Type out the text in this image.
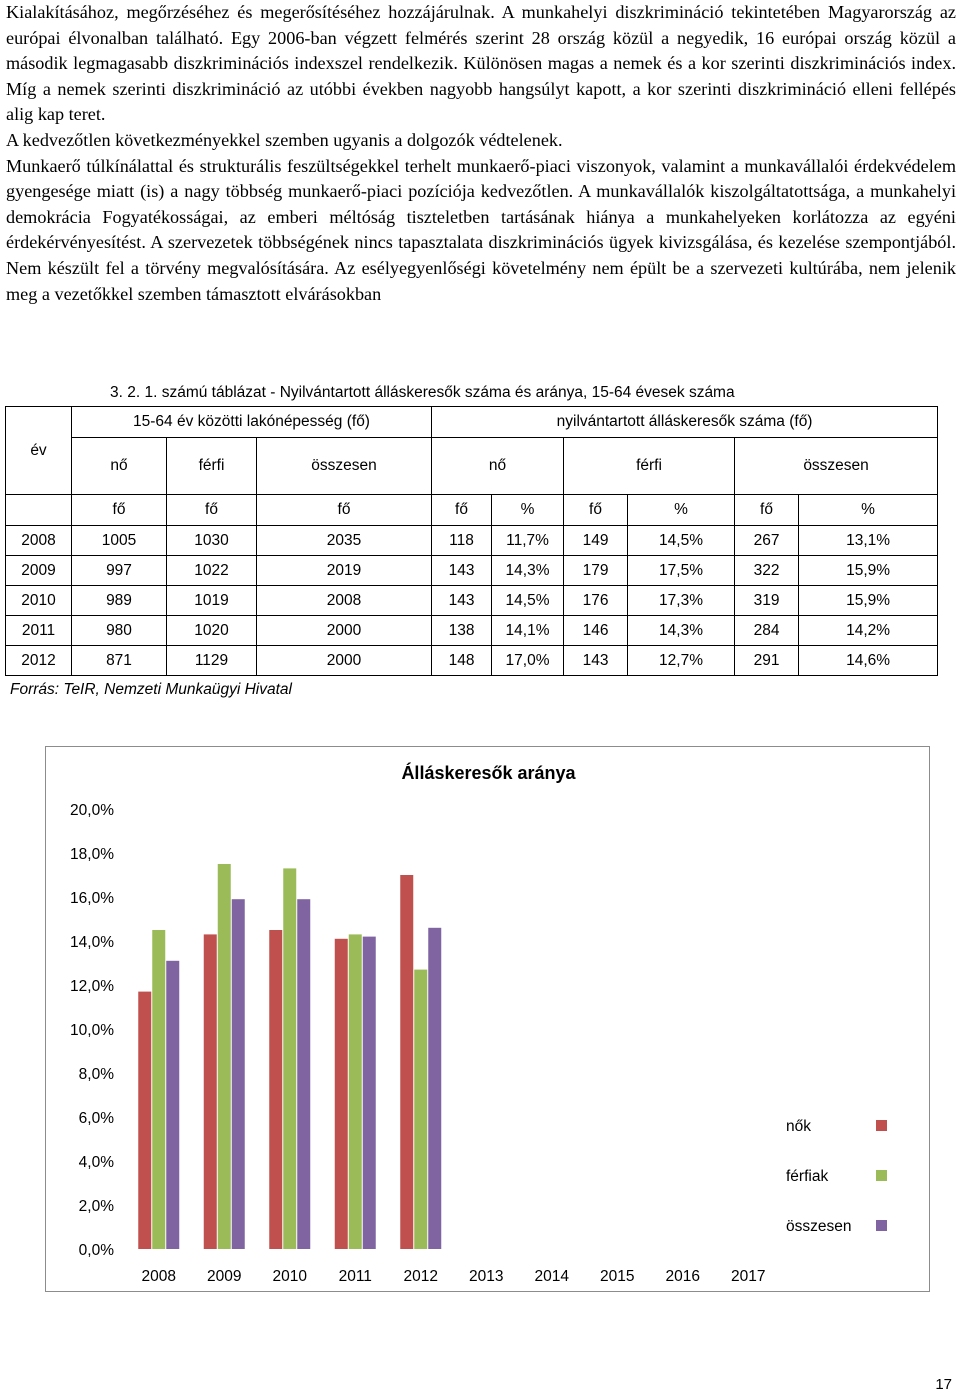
Kialakításához, megőrzéséhez és megerősítéséhez hozzájárulnak. A munkahelyi diszkrimináció tekintetében Magyarország az európai élvonalban található. Egy 2006-ban végzett felmérés szerint 28 ország közül a negyedik, 16 európai ország közül a második legmagasabb diszkriminációs indexszel rendelkezik. Különösen magas a nemek és a kor szerinti diszkriminációs index. Míg a nemek szerinti diszkrimináció az utóbbi években nagyobb hangsúlyt kapott, a kor szerinti diszkrimináció elleni fellépés alig kap teret.

A kedvezőtlen következményekkel szemben ugyanis a dolgozók védtelenek.

Munkaerő túlkínálattal és strukturális feszültségekkel terhelt munkaerő-piaci viszonyok, valamint a munkavállalói érdekvédelem gyengesége miatt (is) a nagy többség munkaerő-piaci pozíciója kedvezőtlen. A munkavállalók kiszolgáltatottsága, a munkahelyi demokrácia Fogyatékosságai, az emberi méltóság tiszteletben tartásának hiánya a munkahelyeken korlátozza az egyéni érdekérvényesítést. A szervezetek többségének nincs tapasztalata diszkriminációs ügyek kivizsgálása, és kezelése szempontjából. Nem készült fel a törvény megvalósítására. Az esélyegyenlőségi követelmény nem épült be a szervezeti kultúrába, nem jelenik meg a vezetőkkel szemben támasztott elvárásokban

3. 2. 1. számú táblázat - Nyilvántartott álláskeresők száma és aránya, 15-64 évesek száma
év	15-64 év közötti lakónépesség (fő)			nyilvántartott álláskeresők száma (fő)					
	nő	férfi	összesen	nő		férfi		összesen	
	fő	fő	fő	fő	%	fő	%	fő	%
2008	1005	1030	2035	118	11,7%	149	14,5%	267	13,1%
2009	997	1022	2019	143	14,3%	179	17,5%	322	15,9%
2010	989	1019	2008	143	14,5%	176	17,3%	319	15,9%
2011	980	1020	2000	138	14,1%	146	14,3%	284	14,2%
2012	871	1129	2000	148	17,0%	143	12,7%	291	14,6%
Forrás: TeIR, Nemzeti Munkaügyi Hivatal
Álláskeresők aránya
0,0%
2,0%
4,0%
6,0%
8,0%
10,0%
12,0%
14,0%
16,0%
18,0%
20,0%
2008 2009 2010 2011 2012 2013 2014 2015 2016 2017
nők
férfiak
összesen
17
